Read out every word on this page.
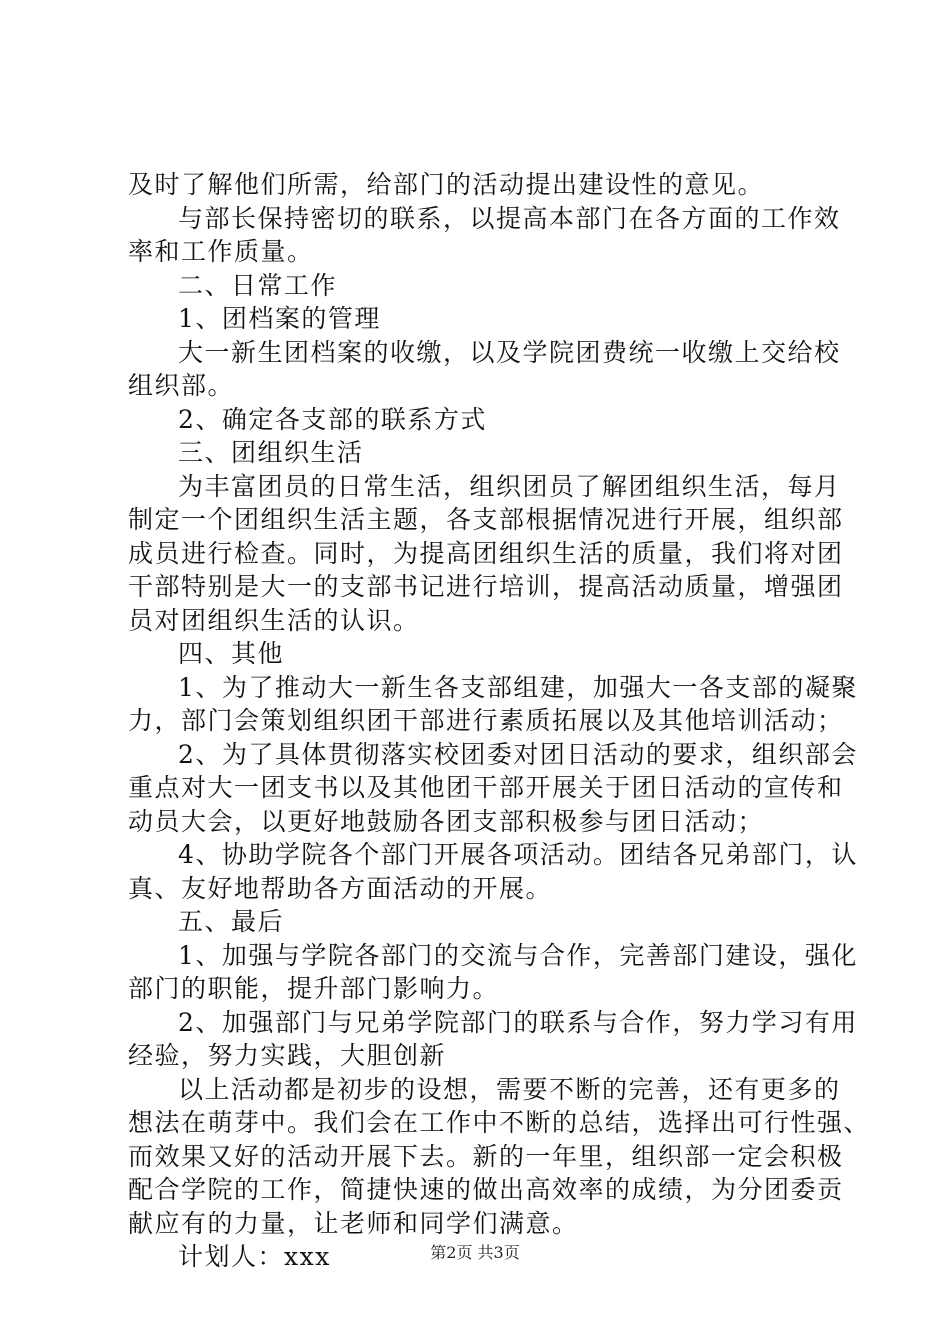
及时了解他们所需，给部门的活动提出建设性的意见。
与部长保持密切的联系，以提高本部门在各方面的工作效
率和工作质量。
二、日常工作
1、团档案的管理
大一新生团档案的收缴，以及学院团费统一收缴上交给校
组织部。
2、确定各支部的联系方式
三、团组织生活
为丰富团员的日常生活，组织团员了解团组织生活，每月
制定一个团组织生活主题，各支部根据情况进行开展，组织部
成员进行检查。同时，为提高团组织生活的质量，我们将对团
干部特别是大一的支部书记进行培训，提高活动质量，增强团
员对团组织生活的认识。
四、其他
1、为了推动大一新生各支部组建，加强大一各支部的凝聚
力，部门会策划组织团干部进行素质拓展以及其他培训活动；
2、为了具体贯彻落实校团委对团日活动的要求，组织部会
重点对大一团支书以及其他团干部开展关于团日活动的宣传和
动员大会，以更好地鼓励各团支部积极参与团日活动；
4、协助学院各个部门开展各项活动。团结各兄弟部门，认
真、友好地帮助各方面活动的开展。
五、最后
1、加强与学院各部门的交流与合作，完善部门建设，强化
部门的职能，提升部门影响力。
2、加强部门与兄弟学院部门的联系与合作，努力学习有用
经验，努力实践，大胆创新
以上活动都是初步的设想，需要不断的完善，还有更多的
想法在萌芽中。我们会在工作中不断的总结，选择出可行性强、
而效果又好的活动开展下去。新的一年里，组织部一定会积极
配合学院的工作，简捷快速的做出高效率的成绩，为分团委贡
献应有的力量，让老师和同学们满意。
计划人：xxx	第2页 共3页
